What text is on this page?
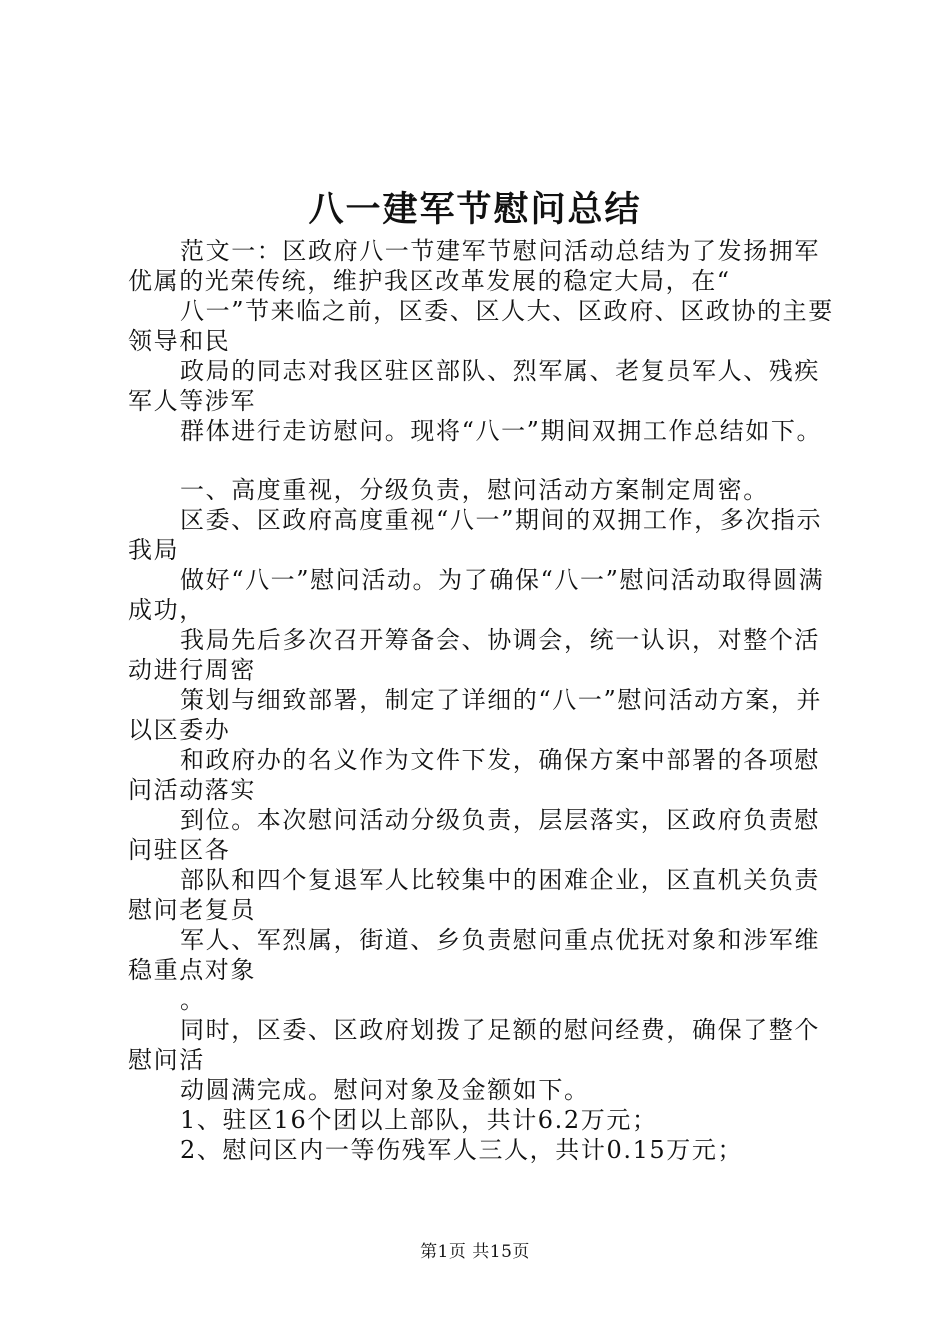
八一建军节慰问总结

范文一：区政府八一节建军节慰问活动总结为了发扬拥军优属的光荣传统，维护我区改革发展的稳定大局，在“

八一”节来临之前，区委、区人大、区政府、区政协的主要领导和民

政局的同志对我区驻区部队、烈军属、老复员军人、残疾军人等涉军

群体进行走访慰问。现将“八一”期间双拥工作总结如下。

一、高度重视，分级负责，慰问活动方案制定周密。

区委、区政府高度重视“八一”期间的双拥工作，多次指示我局

做好“八一”慰问活动。为了确保“八一”慰问活动取得圆满成功，

我局先后多次召开筹备会、协调会，统一认识，对整个活动进行周密

策划与细致部署，制定了详细的“八一”慰问活动方案，并以区委办

和政府办的名义作为文件下发，确保方案中部署的各项慰问活动落实

到位。本次慰问活动分级负责，层层落实，区政府负责慰问驻区各

部队和四个复退军人比较集中的困难企业，区直机关负责慰问老复员

军人、军烈属，街道、乡负责慰问重点优抚对象和涉军维稳重点对象

。

同时，区委、区政府划拨了足额的慰问经费，确保了整个慰问活

动圆满完成。慰问对象及金额如下。

1、驻区16个团以上部队，共计6.2万元；

2、慰问区内一等伤残军人三人，共计0.15万元；

第1页 共15页
